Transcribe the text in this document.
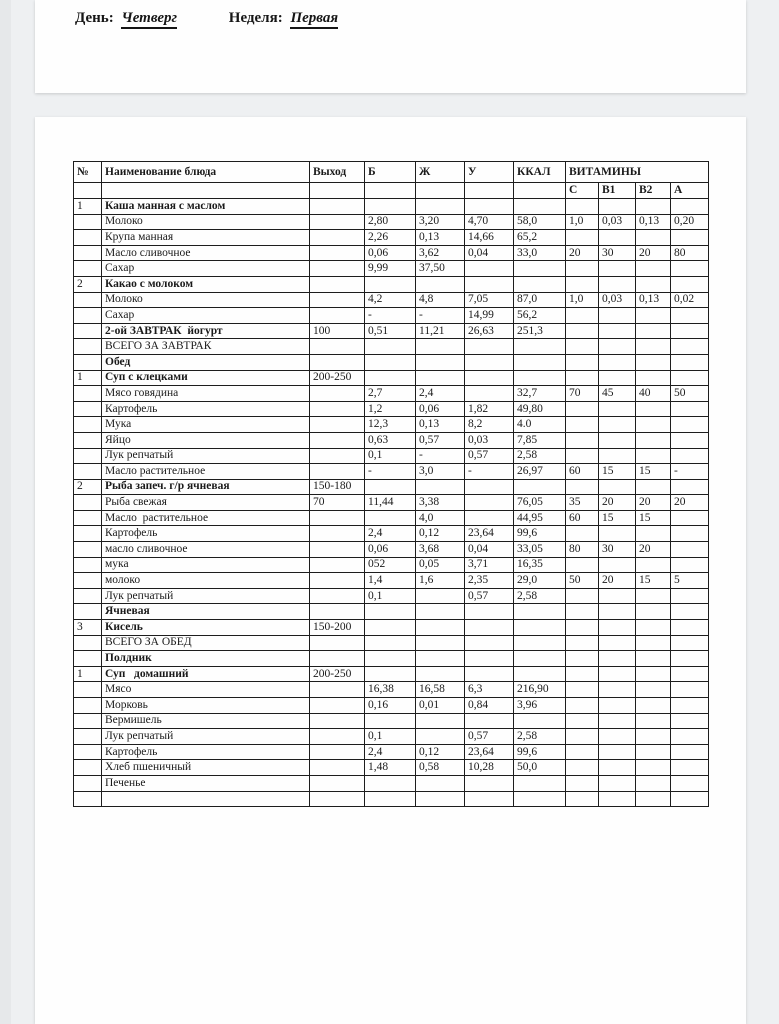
День: Четверг	Неделя: Первая
№	Наименование блюда	Выход	Б	Ж	У	ККАЛ	ВИТАМИНЫ			
							С	В1	В2	А
1	Каша манная с маслом									
	Молоко		2,80	3,20	4,70	58,0	1,0	0,03	0,13	0,20
	Крупа манная		2,26	0,13	14,66	65,2				
	Масло сливочное		0,06	3,62	0,04	33,0	20	30	20	80
	Сахар		9,99	37,50						
2	Какао с молоком									
	Молоко		4,2	4,8	7,05	87,0	1,0	0,03	0,13	0,02
	Сахар		-	-	14,99	56,2				
	2-ой ЗАВТРАК  йогурт	100	0,51	11,21	26,63	251,3				
	ВСЕГО ЗА ЗАВТРАК									
	Обед									
1	Суп с клецками	200-250								
	Мясо говядина		2,7	2,4		32,7	70	45	40	50
	Картофель		1,2	0,06	1,82	49,80				
	Мука		12,3	0,13	8,2	4.0				
	Яйцо		0,63	0,57	0,03	7,85				
	Лук репчатый		0,1	-	0,57	2,58				
	Масло растительное		-	3,0	-	26,97	60	15	15	-
2	Рыба запеч. г/р ячневая	150-180								
	Рыба свежая	70	11,44	3,38		76,05	35	20	20	20
	Масло  растительное			4,0		44,95	60	15	15	
	Картофель		2,4	0,12	23,64	99,6				
	масло сливочное		0,06	3,68	0,04	33,05	80	30	20	
	мука		052	0,05	3,71	16,35				
	молоко		1,4	1,6	2,35	29,0	50	20	15	5
	Лук репчатый		0,1		0,57	2,58				
	Ячневая									
3	Кисель	150-200								
	ВСЕГО ЗА ОБЕД									
	Полдник									
1	Суп   домашний	200-250								
	Мясо		16,38	16,58	6,3	216,90				
	Морковь		0,16	0,01	0,84	3,96				
	Вермишель									
	Лук репчатый		0,1		0,57	2,58				
	Картофель		2,4	0,12	23,64	99,6				
	Хлеб пшеничный		1,48	0,58	10,28	50,0				
	Печенье									
